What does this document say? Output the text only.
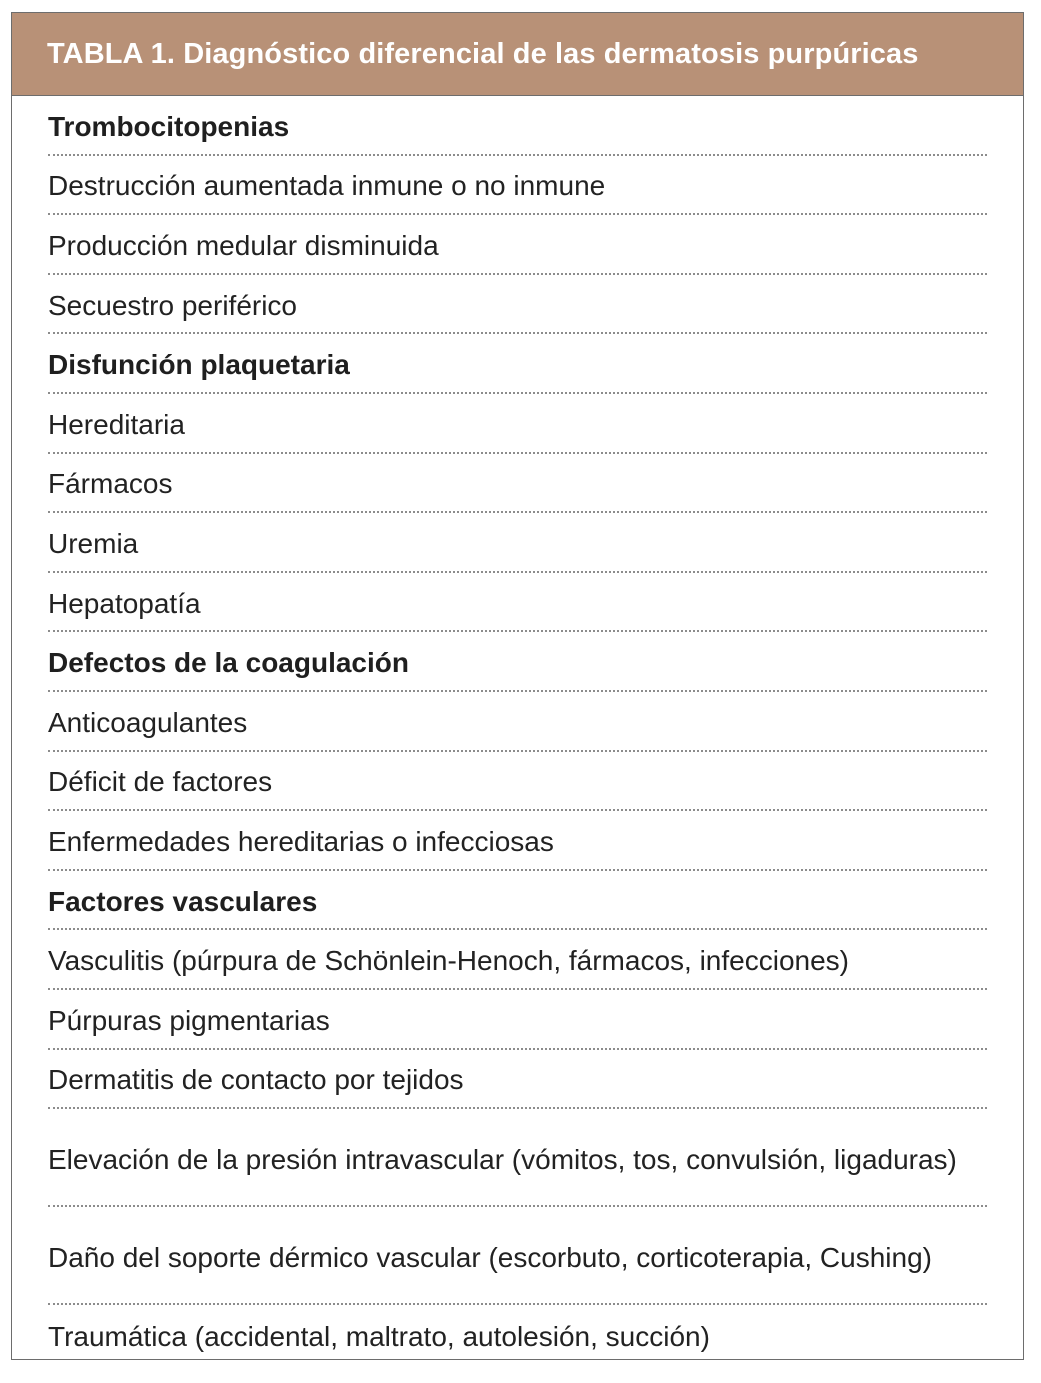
TABLA 1. Diagnóstico diferencial de las dermatosis purpúricas
Trombocitopenias
Destrucción aumentada inmune o no inmune
Producción medular disminuida
Secuestro periférico
Disfunción plaquetaria
Hereditaria
Fármacos
Uremia
Hepatopatía
Defectos de la coagulación
Anticoagulantes
Déficit de factores
Enfermedades hereditarias o infecciosas
Factores vasculares
Vasculitis (púrpura de Schönlein-Henoch, fármacos, infecciones)
Púrpuras pigmentarias
Dermatitis de contacto por tejidos
Elevación de la presión intravascular (vómitos, tos, convulsión, ligaduras)
Daño del soporte dérmico vascular (escorbuto, corticoterapia, Cushing)
Traumática (accidental, maltrato, autolesión, succión)
